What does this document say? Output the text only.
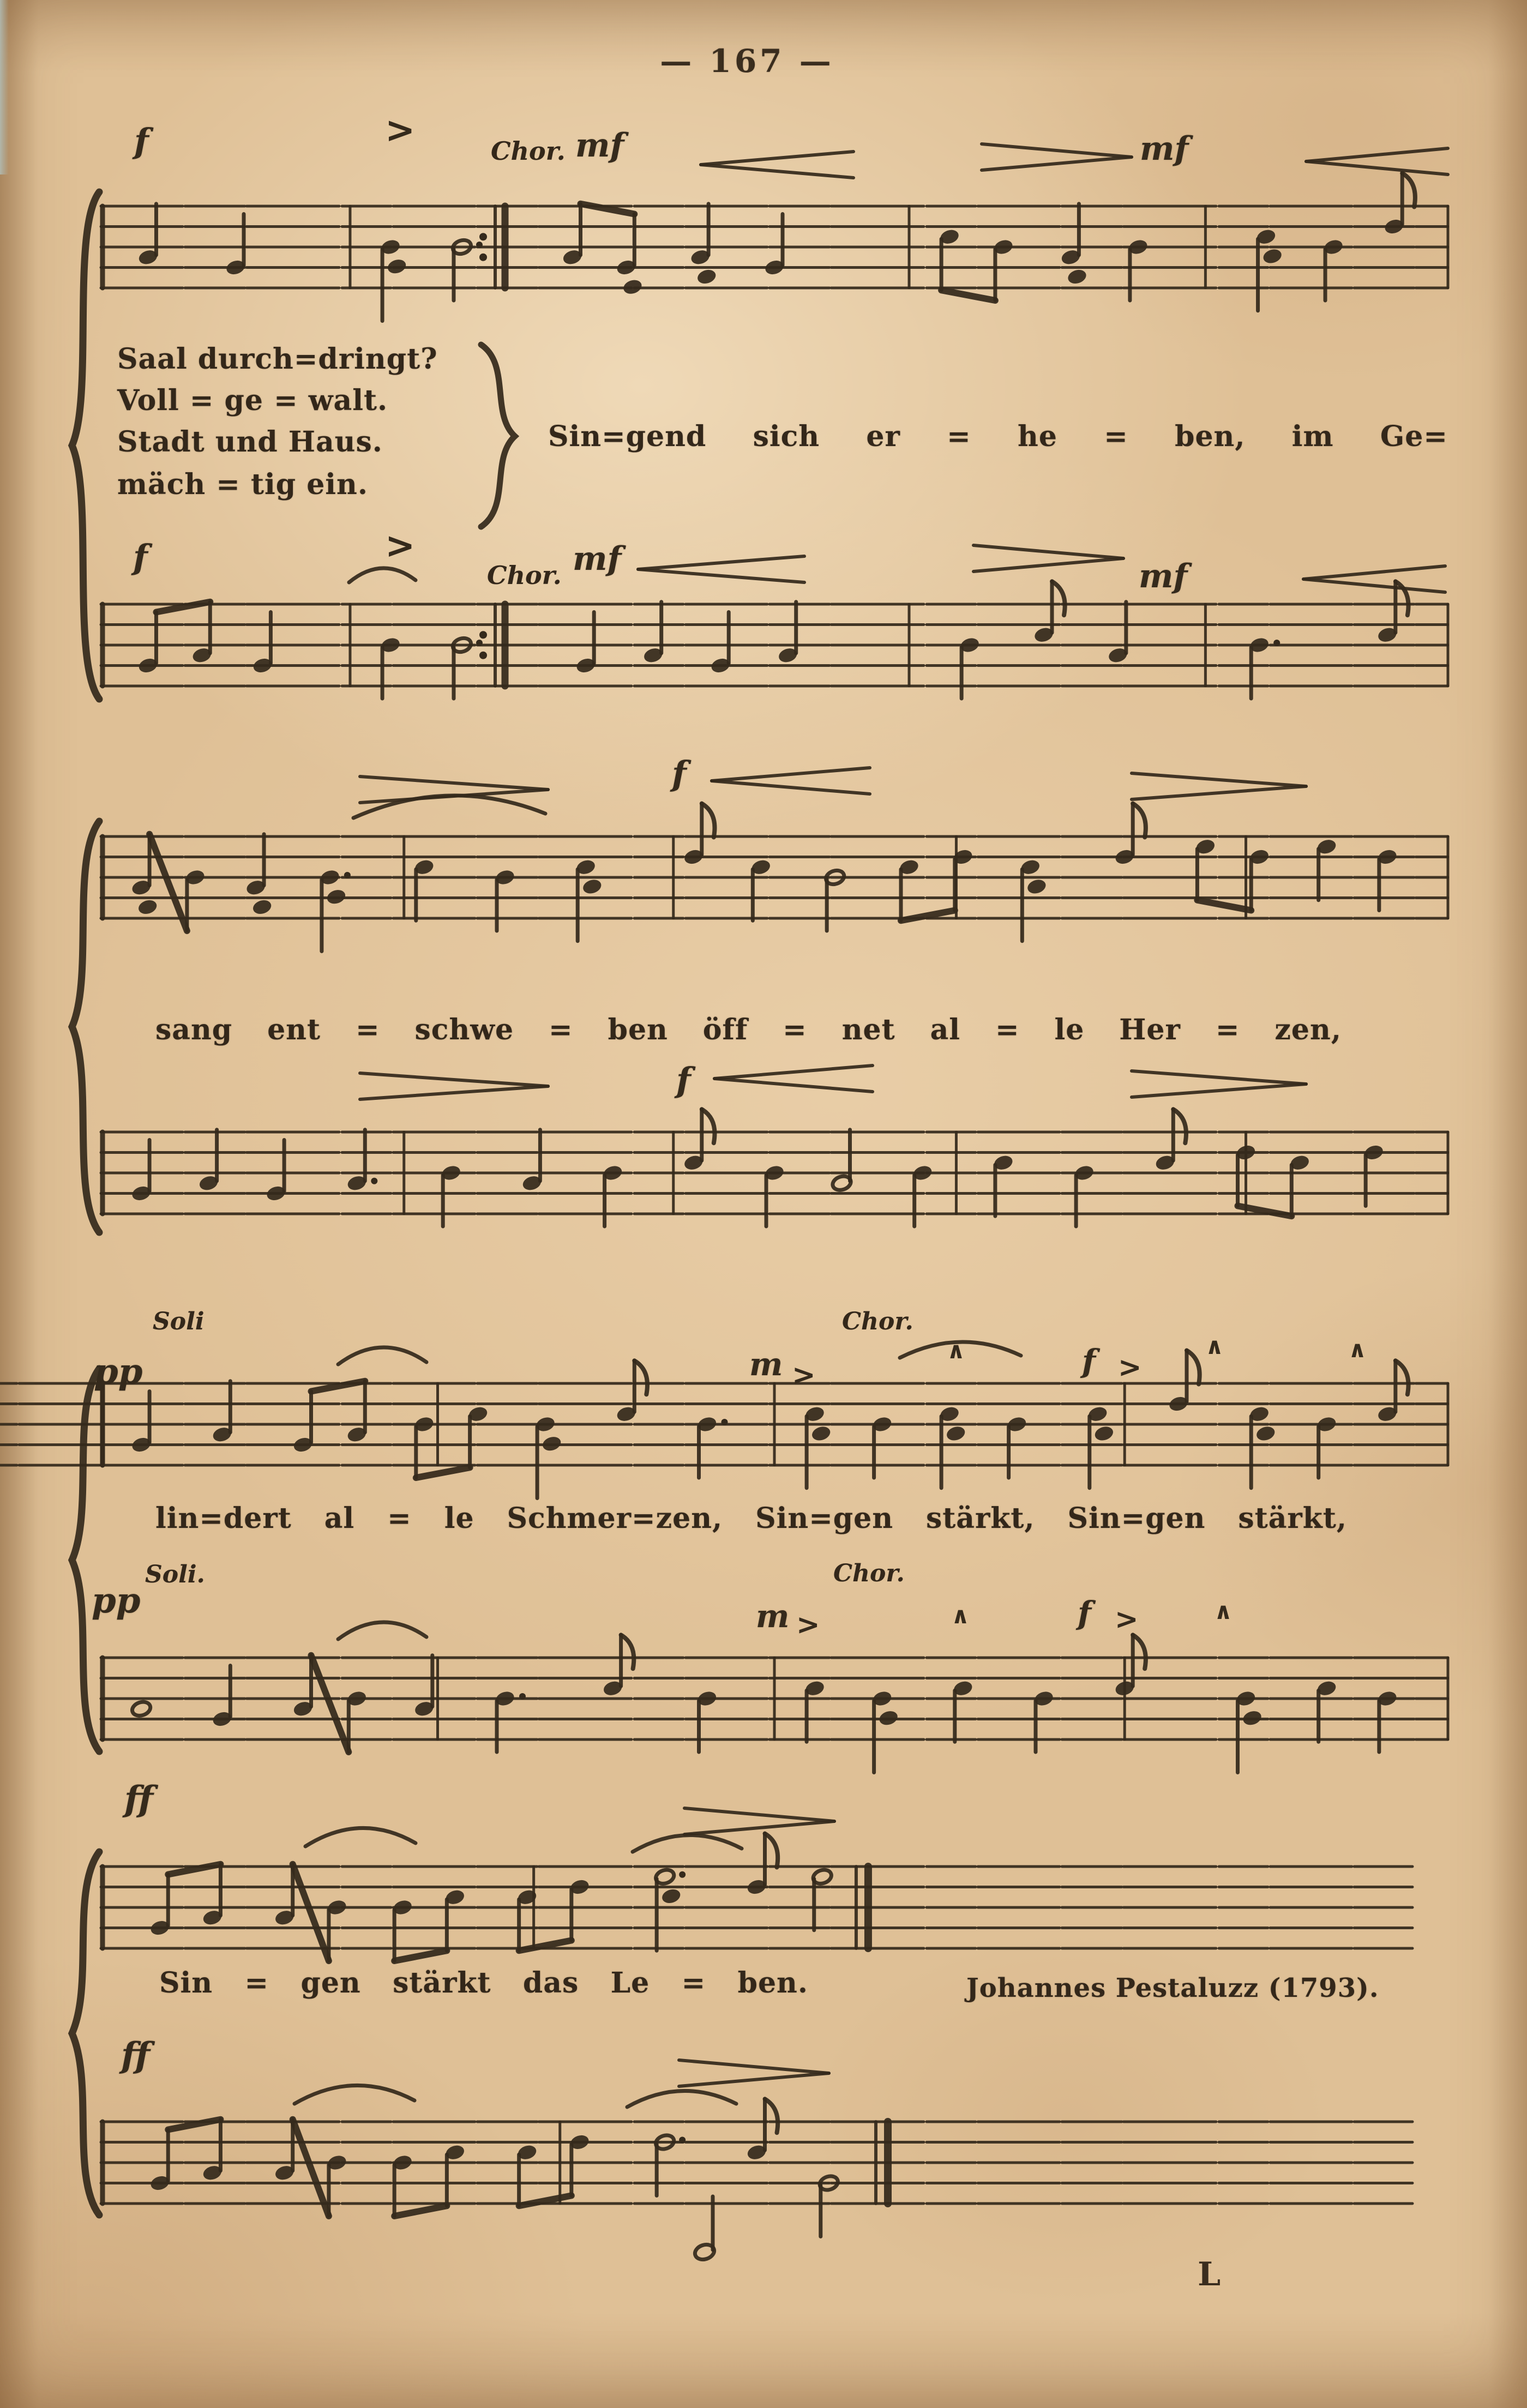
— 167 —
f	>	Chor. mf	mf
Saal durch=dringt?
Voll = ge = walt.
Stadt und Haus.
mäch = tig ein.
Sin=gend sich er = he = ben, im Ge=
f	>
Chor. mf	mf
f
sang ent = schwe = ben öff = net al = le Her = zen,
f
Soli
pp	m >
Chor.
f >
∧	∧	∧
lin=dert al = le Schmer=zen, Sin=gen stärkt, Sin=gen stärkt,
pp
Soli.
m >
Chor.
f >
∧	∧
ff
Sin = gen stärkt das Le = ben.	Johannes Pestaluzz (1793).
ff
L
